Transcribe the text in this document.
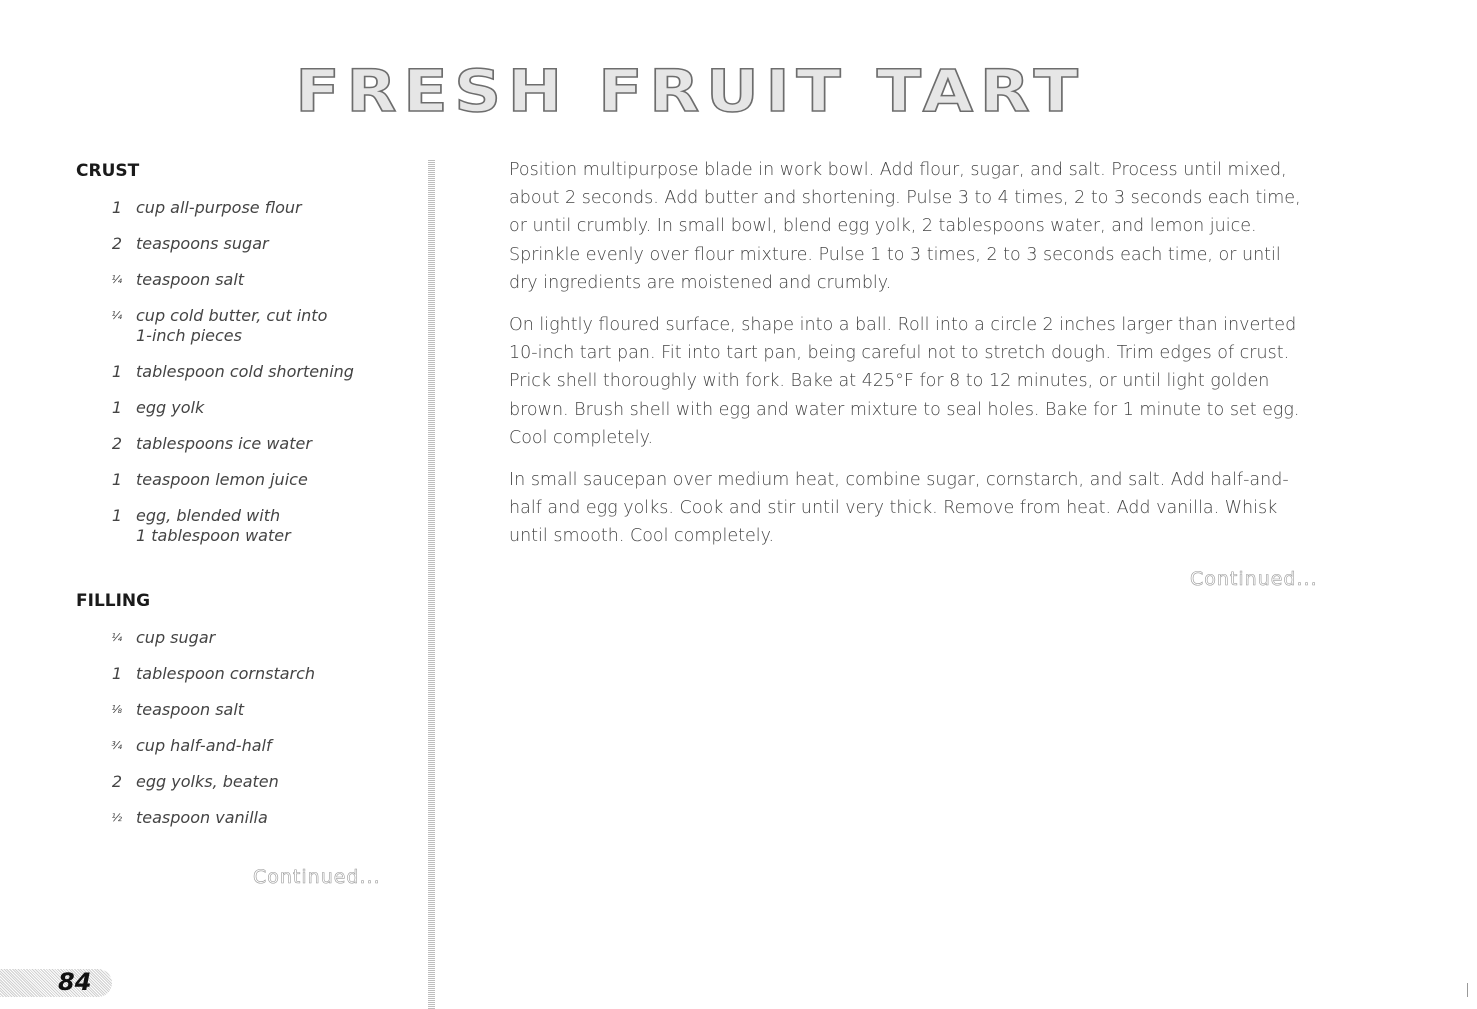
FRESH FRUIT TART
CRUST
1 cup all-purpose flour
2 teaspoons sugar
¼ teaspoon salt
¼ cup cold butter, cut into
1-inch pieces
1 tablespoon cold shortening
1 egg yolk
2 tablespoons ice water
1 teaspoon lemon juice
1 egg, blended with
1 tablespoon water
FILLING
¼ cup sugar
1 tablespoon cornstarch
⅛ teaspoon salt
¾ cup half-and-half
2 egg yolks, beaten
½ teaspoon vanilla
Continued...
84

Position multipurpose blade in work bowl. Add flour, sugar, and salt. Process until mixed, about 2 seconds. Add butter and shortening. Pulse 3 to 4 times, 2 to 3 seconds each time, or until crumbly. In small bowl, blend egg yolk, 2 tablespoons water, and lemon juice. Sprinkle evenly over flour mixture. Pulse 1 to 3 times, 2 to 3 seconds each time, or until dry ingredients are moistened and crumbly.

On lightly floured surface, shape into a ball. Roll into a circle 2 inches larger than inverted 10-inch tart pan. Fit into tart pan, being careful not to stretch dough. Trim edges of crust. Prick shell thoroughly with fork. Bake at 425°F for 8 to 12 minutes, or until light golden brown. Brush shell with egg and water mixture to seal holes. Bake for 1 minute to set egg. Cool completely.

In small saucepan over medium heat, combine sugar, cornstarch, and salt. Add half-and-half and egg yolks. Cook and stir until very thick. Remove from heat. Add vanilla. Whisk until smooth. Cool completely.

Continued...
